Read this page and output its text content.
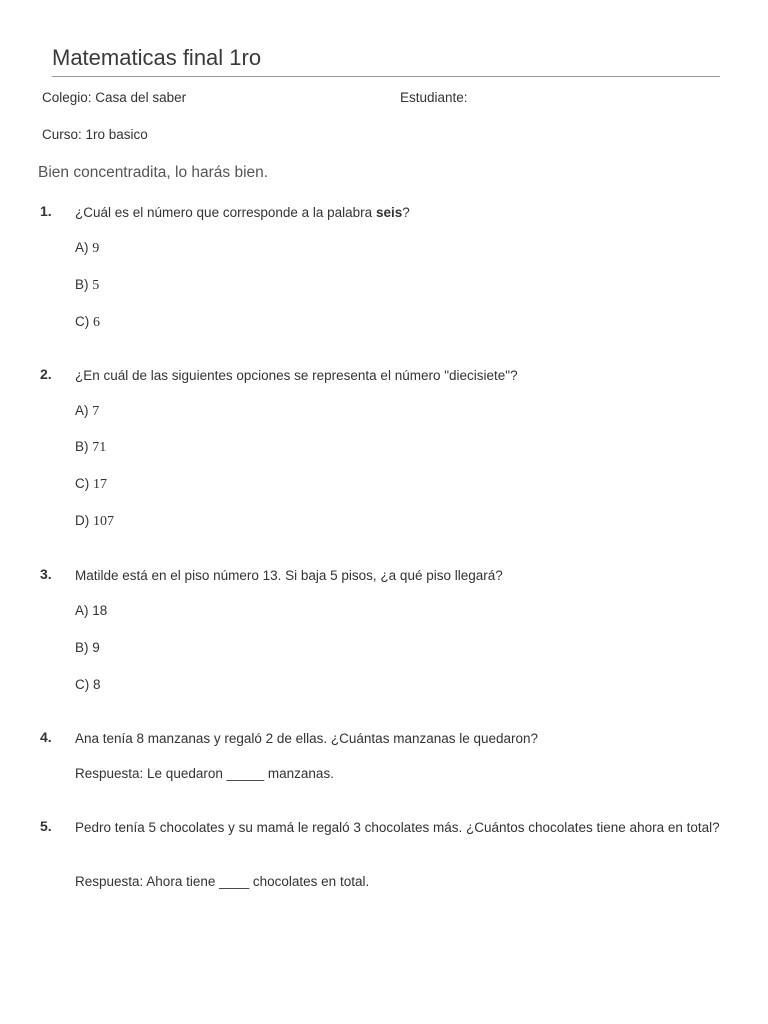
Matematicas final 1ro
Colegio: Casa del saber	Estudiante:
Curso: 1ro basico
Bien concentradita, lo harás bien.
1. ¿Cuál es el número que corresponde a la palabra seis?
A) 9
B) 5
C) 6
2. ¿En cuál de las siguientes opciones se representa el número "diecisiete"?
A) 7
B) 71
C) 17
D) 107
3. Matilde está en el piso número 13. Si baja 5 pisos, ¿a qué piso llegará?
A) 18
B) 9
C) 8
4. Ana tenía 8 manzanas y regaló 2 de ellas. ¿Cuántas manzanas le quedaron?
Respuesta: Le quedaron _____ manzanas.
5. Pedro tenía 5 chocolates y su mamá le regaló 3 chocolates más. ¿Cuántos chocolates tiene ahora en total?
Respuesta: Ahora tiene ____ chocolates en total.
